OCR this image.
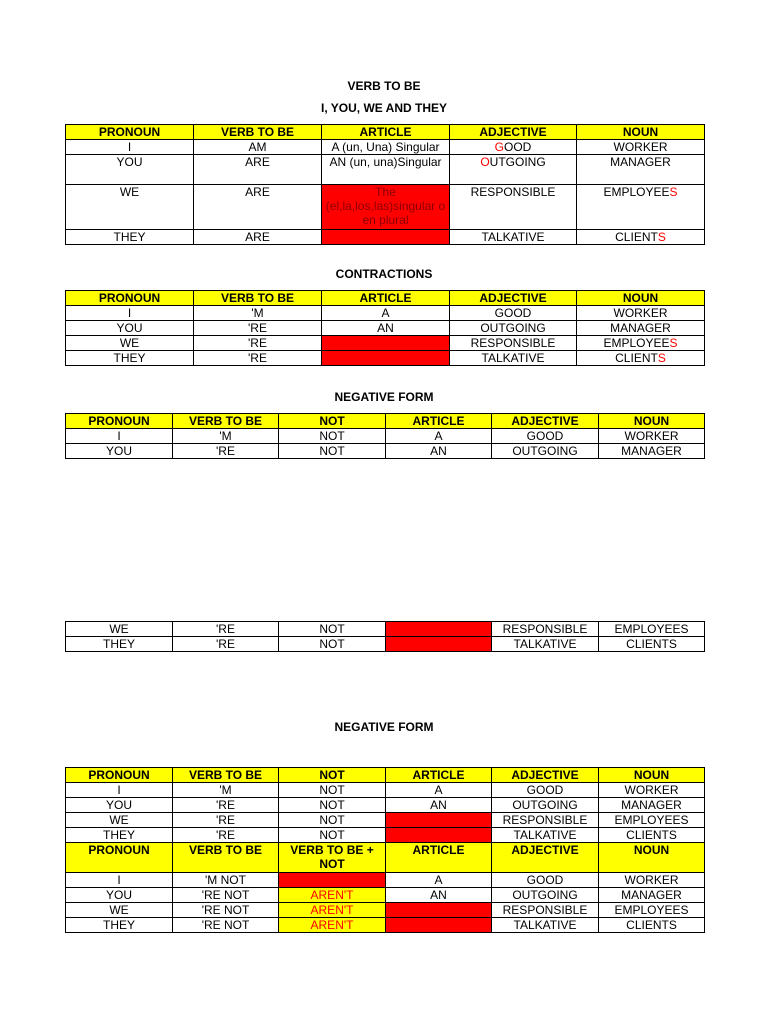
VERB TO BE
I, YOU, WE AND THEY
PRONOUN	VERB TO BE	ARTICLE	ADJECTIVE	NOUN
I	AM	A (un, Una) Singular	GOOD	WORKER
YOU	ARE	AN (un, una)Singular	OUTGOING	MANAGER
WE	ARE	The (el,la,los,las)singular o en plural	RESPONSIBLE	EMPLOYEES
THEY	ARE		TALKATIVE	CLIENTS
CONTRACTIONS
PRONOUN	VERB TO BE	ARTICLE	ADJECTIVE	NOUN
I	'M	A	GOOD	WORKER
YOU	'RE	AN	OUTGOING	MANAGER
WE	'RE		RESPONSIBLE	EMPLOYEES
THEY	'RE		TALKATIVE	CLIENTS
NEGATIVE FORM
PRONOUN	VERB TO BE	NOT	ARTICLE	ADJECTIVE	NOUN
I	'M	NOT	A	GOOD	WORKER
YOU	'RE	NOT	AN	OUTGOING	MANAGER
WE	'RE	NOT		RESPONSIBLE	EMPLOYEES
THEY	'RE	NOT		TALKATIVE	CLIENTS
NEGATIVE FORM
PRONOUN	VERB TO BE	NOT	ARTICLE	ADJECTIVE	NOUN
I	'M	NOT	A	GOOD	WORKER
YOU	'RE	NOT	AN	OUTGOING	MANAGER
WE	'RE	NOT		RESPONSIBLE	EMPLOYEES
THEY	'RE	NOT		TALKATIVE	CLIENTS
PRONOUN	VERB TO BE	VERB TO BE + NOT	ARTICLE	ADJECTIVE	NOUN
I	'M NOT		A	GOOD	WORKER
YOU	'RE NOT	AREN'T	AN	OUTGOING	MANAGER
WE	'RE NOT	AREN'T		RESPONSIBLE	EMPLOYEES
THEY	'RE NOT	AREN'T		TALKATIVE	CLIENTS
